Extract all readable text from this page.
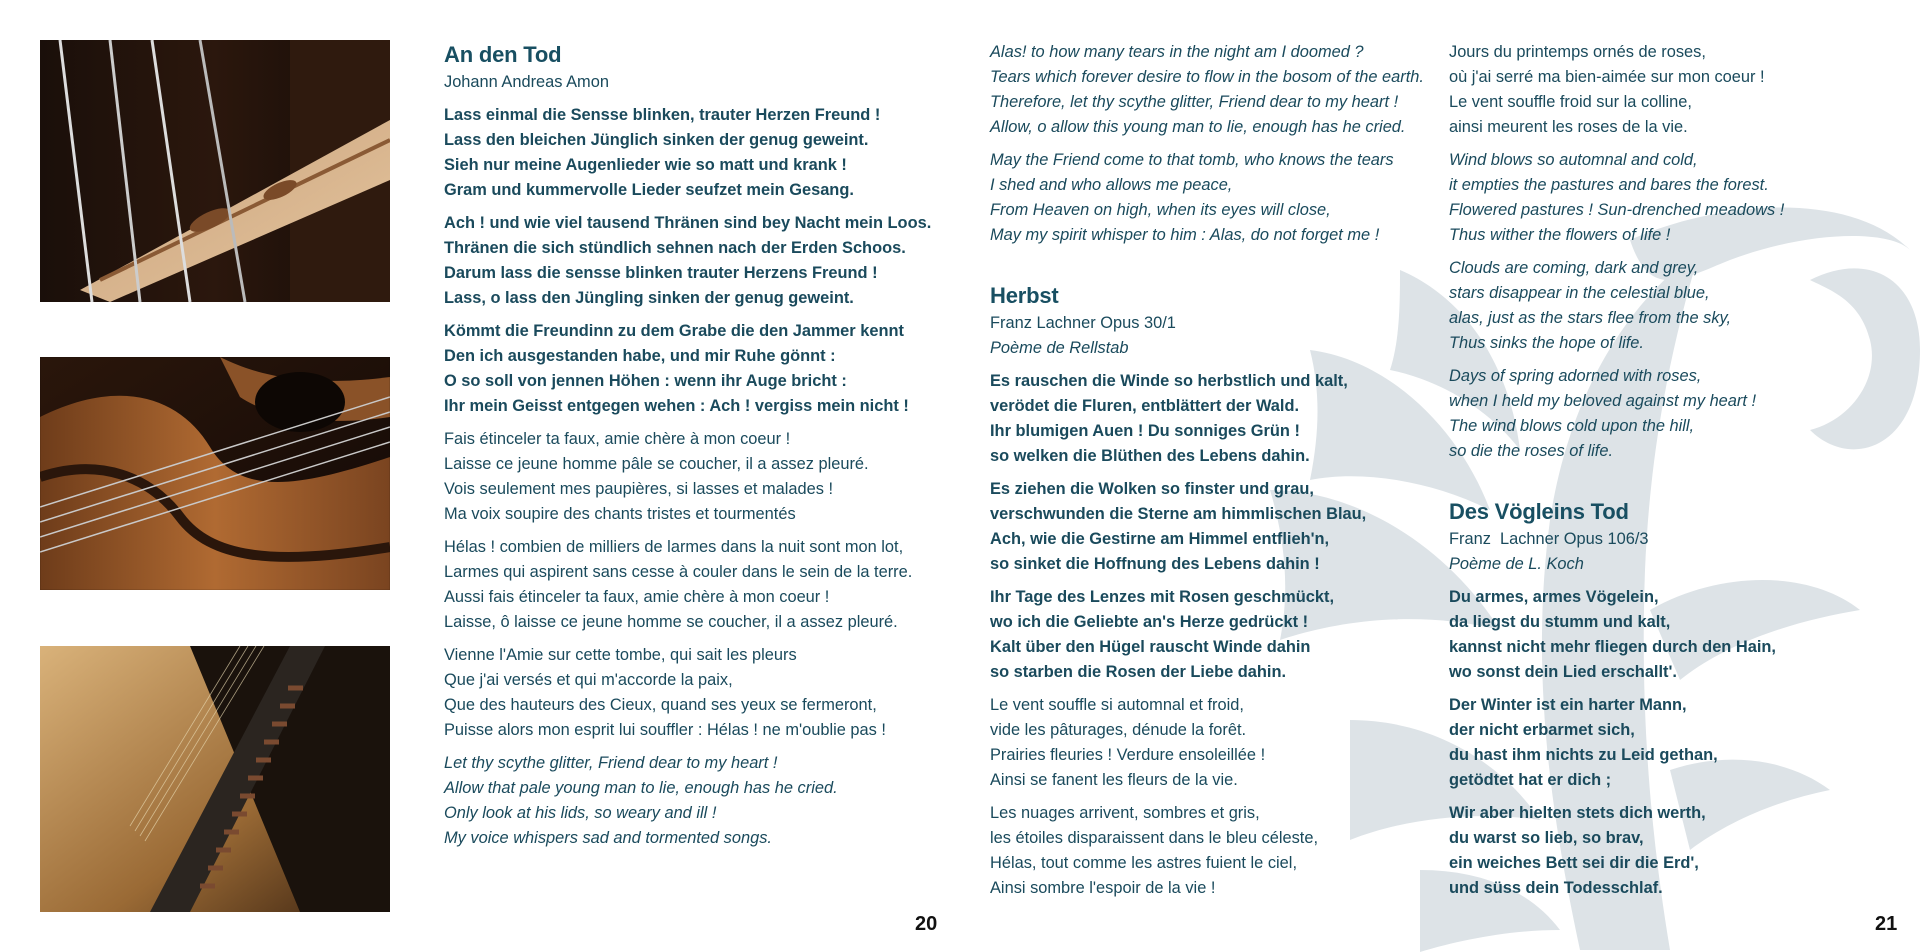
An den Tod
Johann Andreas Amon
Lass einmal die Sensse blinken, trauter Herzen Freund !
Lass den bleichen Jünglich sinken der genug geweint.
Sieh nur meine Augenlieder wie so matt und krank !
Gram und kummervolle Lieder seufzet mein Gesang.
Ach ! und wie viel tausend Thränen sind bey Nacht mein Loos.
Thränen die sich stündlich sehnen nach der Erden Schoos.
Darum lass die sensse blinken trauter Herzens Freund !
Lass, o lass den Jüngling sinken der genug geweint.
Kömmt die Freundinn zu dem Grabe die den Jammer kennt
Den ich ausgestanden habe, und mir Ruhe gönnt :
O so soll von jennen Höhen : wenn ihr Auge bricht :
Ihr mein Geisst entgegen wehen : Ach ! vergiss mein nicht !
Fais étinceler ta faux, amie chère à mon coeur !
Laisse ce jeune homme pâle se coucher, il a assez pleuré.
Vois seulement mes paupières, si lasses et malades !
Ma voix soupire des chants tristes et tourmentés
Hélas ! combien de milliers de larmes dans la nuit sont mon lot,
Larmes qui aspirent sans cesse à couler dans le sein de la terre.
Aussi fais étinceler ta faux, amie chère à mon coeur !
Laisse, ô laisse ce jeune homme se coucher, il a assez pleuré.
Vienne l'Amie sur cette tombe, qui sait les pleurs
Que j'ai versés et qui m'accorde la paix,
Que des hauteurs des Cieux, quand ses yeux se fermeront,
Puisse alors mon esprit lui souffler : Hélas ! ne m'oublie pas !
Let thy scythe glitter, Friend dear to my heart !
Allow that pale young man to lie, enough has he cried.
Only look at his lids, so weary and ill !
My voice whispers sad and tormented songs.
20
Alas! to how many tears in the night am I doomed ?
Tears which forever desire to flow in the bosom of the earth.
Therefore, let thy scythe glitter, Friend dear to my heart !
Allow, o allow this young man to lie, enough has he cried.
May the Friend come to that tomb, who knows the tears
I shed and who allows me peace,
From Heaven on high, when its eyes will close,
May my spirit whisper to him : Alas, do not forget me !
Herbst
Franz Lachner Opus 30/1
Poème de Rellstab
Es rauschen die Winde so herbstlich und kalt,
verödet die Fluren, entblättert der Wald.
Ihr blumigen Auen ! Du sonniges Grün !
so welken die Blüthen des Lebens dahin.
Es ziehen die Wolken so finster und grau,
verschwunden die Sterne am himmlischen Blau,
Ach, wie die Gestirne am Himmel entflieh'n,
so sinket die Hoffnung des Lebens dahin !
Ihr Tage des Lenzes mit Rosen geschmückt,
wo ich die Geliebte an's Herze gedrückt !
Kalt über den Hügel rauscht Winde dahin
so starben die Rosen der Liebe dahin.
Le vent souffle si automnal et froid,
vide les pâturages, dénude la forêt.
Prairies fleuries ! Verdure ensoleillée !
Ainsi se fanent les fleurs de la vie.
Les nuages arrivent, sombres et gris,
les étoiles disparaissent dans le bleu céleste,
Hélas, tout comme les astres fuient le ciel,
Ainsi sombre l'espoir de la vie !
Jours du printemps ornés de roses,
où j'ai serré ma bien-aimée sur mon coeur !
Le vent souffle froid sur la colline,
ainsi meurent les roses de la vie.
Wind blows so automnal and cold,
it empties the pastures and bares the forest.
Flowered pastures ! Sun-drenched meadows !
Thus wither the flowers of life !
Clouds are coming, dark and grey,
stars disappear in the celestial blue,
alas, just as the stars flee from the sky,
Thus sinks the hope of life.
Days of spring adorned with roses,
when I held my beloved against my heart !
The wind blows cold upon the hill,
so die the roses of life.
Des Vögleins Tod
Franz  Lachner Opus 106/3
Poème de L. Koch
Du armes, armes Vögelein,
da liegst du stumm und kalt,
kannst nicht mehr fliegen durch den Hain,
wo sonst dein Lied erschallt'.
Der Winter ist ein harter Mann,
der nicht erbarmet sich,
du hast ihm nichts zu Leid gethan,
getödtet hat er dich ;
Wir aber hielten stets dich werth,
du warst so lieb, so brav,
ein weiches Bett sei dir die Erd',
und süss dein Todesschlaf.
21
